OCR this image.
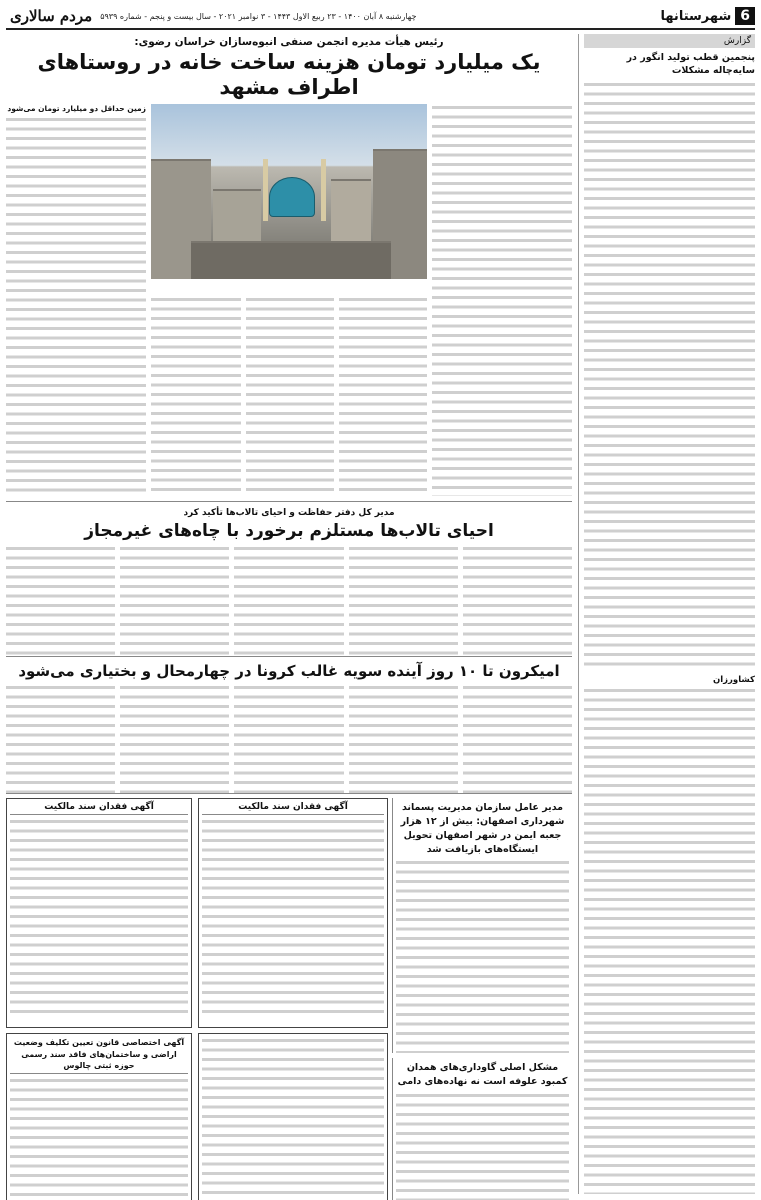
6
شهرستانها
چهارشنبه ۸ آبان ۱۴۰۰ - ۲۳ ربیع الاول ۱۴۴۳ - ۳ نوامبر ۲۰۲۱ - سال بیست و پنجم - شماره ۵۹۳۹
مردم سالاری
گزارش
پنجمین قطب تولید انگور در سایه‌چاله مشکلات
کشاورزان
رئیس هیأت مدیره انجمن صنفی انبوه‌سازان خراسان رضوی:
یک میلیارد تومان هزینه ساخت خانه در روستاهای اطراف مشهد
زمین حداقل دو میلیارد تومان می‌شود
مدیر کل دفتر حفاظت و احیای تالاب‌ها تأکید کرد
احیای تالاب‌ها مستلزم برخورد با چاه‌های غیرمجاز
امیکرون تا ۱۰ روز آینده سویه غالب کرونا در چهارمحال و بختیاری می‌شود
مدیر عامل سازمان مدیریت پسماند شهرداری اصفهان: بیش از ۱۲ هزار جعبه ایمن در شهر اصفهان تحویل ایستگاه‌های بازیافت شد
مشکل اصلی گاوداری‌های همدان کمبود علوفه است نه نهاده‌های دامی
آگهی فقدان سند مالکیت
آگهی فقدان سند مالکیت
آگهی اختصاصی قانون تعیین تکلیف وضعیت اراضی و ساختمان‌های فاقد سند رسمی حوزه ثبتی چالوس
